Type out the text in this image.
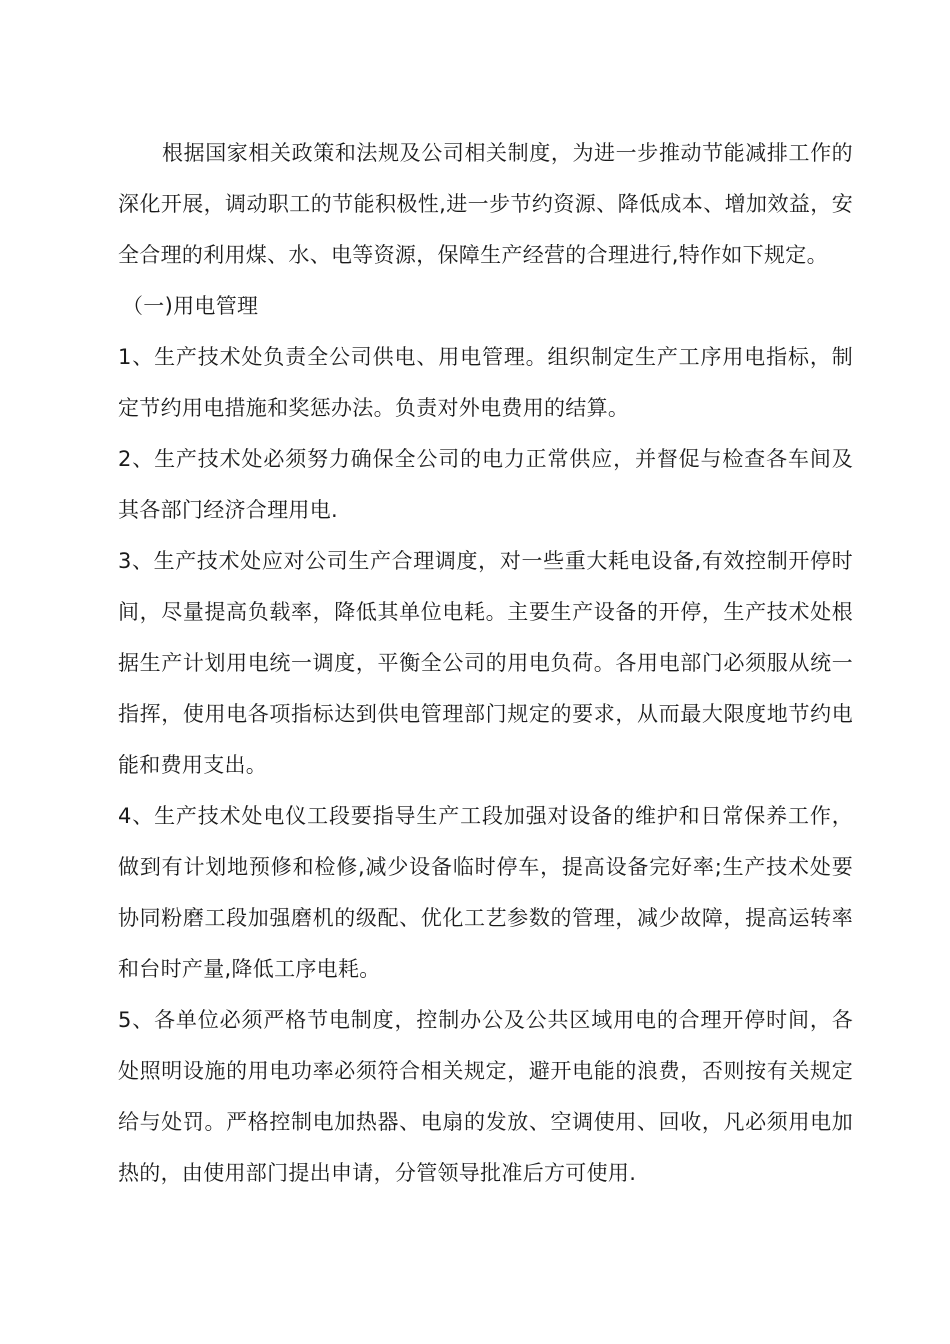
根据国家相关政策和法规及公司相关制度，为进一步推动节能减排工作的深化开展，调动职工的节能积极性,进一步节约资源、降低成本、增加效益，安全合理的利用煤、水、电等资源，保障生产经营的合理进行,特作如下规定。

（一)用电管理

1、生产技术处负责全公司供电、用电管理。组织制定生产工序用电指标，制定节约用电措施和奖惩办法。负责对外电费用的结算。

2、生产技术处必须努力确保全公司的电力正常供应，并督促与检查各车间及其各部门经济合理用电.

3、生产技术处应对公司生产合理调度，对一些重大耗电设备,有效控制开停时间，尽量提高负载率，降低其单位电耗。主要生产设备的开停，生产技术处根据生产计划用电统一调度，平衡全公司的用电负荷。各用电部门必须服从统一指挥，使用电各项指标达到供电管理部门规定的要求，从而最大限度地节约电能和费用支出。

4、生产技术处电仪工段要指导生产工段加强对设备的维护和日常保养工作，做到有计划地预修和检修,减少设备临时停车，提高设备完好率;生产技术处要协同粉磨工段加强磨机的级配、优化工艺参数的管理，减少故障，提高运转率和台时产量,降低工序电耗。

5、各单位必须严格节电制度，控制办公及公共区域用电的合理开停时间，各处照明设施的用电功率必须符合相关规定，避开电能的浪费，否则按有关规定给与处罚。严格控制电加热器、电扇的发放、空调使用、回收，凡必须用电加热的，由使用部门提出申请，分管领导批准后方可使用.
